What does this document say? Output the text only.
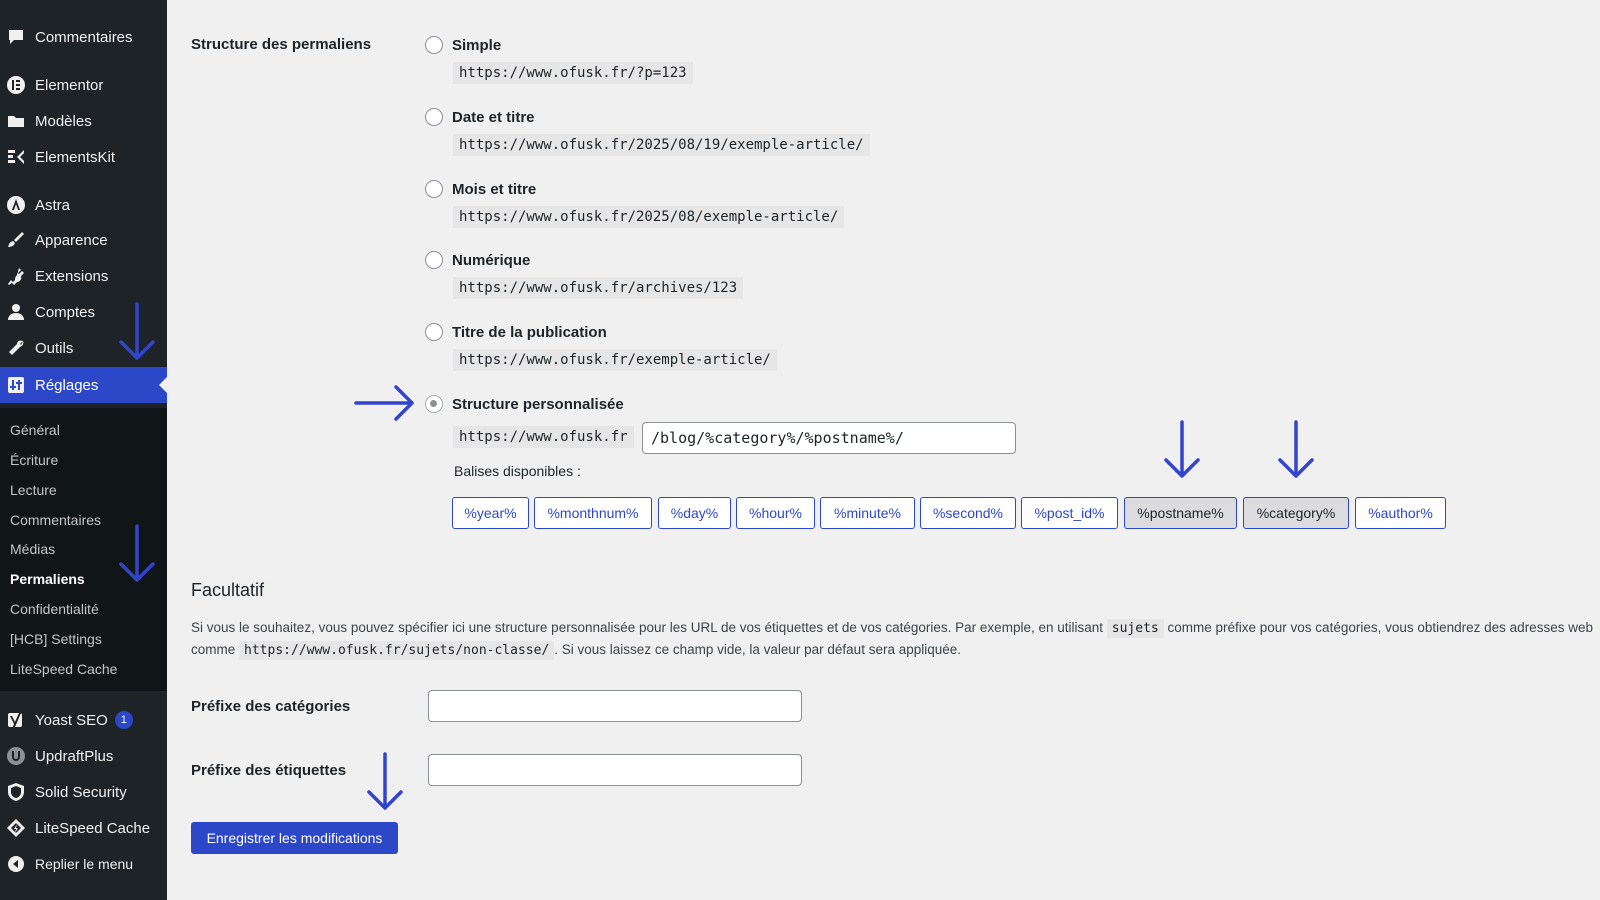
Commentaires
Elementor
Modèles
ElementsKit
Astra
Apparence
Extensions
Comptes
Outils
Réglages
Général
Écriture
Lecture
Commentaires
Médias
Permaliens
Confidentialité
[HCB] Settings
LiteSpeed Cache
Yoast SEO	1
UpdraftPlus
Solid Security
LiteSpeed Cache
Replier le menu
Structure des permaliens	Simple
https://www.ofusk.fr/?p=123
Date et titre
https://www.ofusk.fr/2025/08/19/exemple-article/
Mois et titre
https://www.ofusk.fr/2025/08/exemple-article/
Numérique
https://www.ofusk.fr/archives/123
Titre de la publication
https://www.ofusk.fr/exemple-article/
Structure personnalisée
https://www.ofusk.fr	/blog/%category%/%postname%/
Balises disponibles :
%year%	%monthnum%	%day%	%hour%	%minute%	%second%	%post_id%	%postname%	%category%	%author%
Facultatif
Si vous le souhaitez, vous pouvez spécifier ici une structure personnalisée pour les URL de vos étiquettes et de vos catégories. Par exemple, en utilisant sujets comme préfixe pour vos catégories, vous obtiendrez des adresses web comme https://www.ofusk.fr/sujets/non-classe/ . Si vous laissez ce champ vide, la valeur par défaut sera appliquée.
Préfixe des catégories
Préfixe des étiquettes
Enregistrer les modifications
